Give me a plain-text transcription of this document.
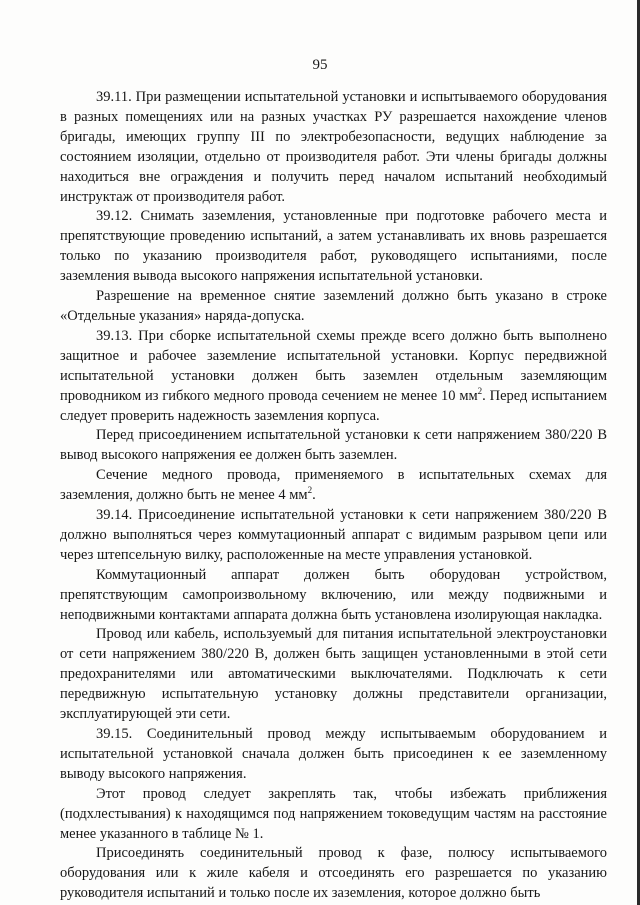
95

39.11. При размещении испытательной установки и испытываемого оборудования в разных помещениях или на разных участках РУ разрешается нахождение членов бригады, имеющих группу III по электробезопасности, ведущих наблюдение за состоянием изоляции, отдельно от производителя работ. Эти члены бригады должны находиться вне ограждения и получить перед началом испытаний необходимый инструктаж от производителя работ.

39.12. Снимать заземления, установленные при подготовке рабочего места и препятствующие проведению испытаний, а затем устанавливать их вновь разрешается только по указанию производителя работ, руководящего испытаниями, после заземления вывода высокого напряжения испытательной установки.

Разрешение на временное снятие заземлений должно быть указано в строке «Отдельные указания» наряда-допуска.

39.13. При сборке испытательной схемы прежде всего должно быть выполнено защитное и рабочее заземление испытательной установки. Корпус передвижной испытательной установки должен быть заземлен отдельным заземляющим проводником из гибкого медного провода сечением не менее 10 $мм^2$. Перед испытанием следует проверить надежность заземления корпуса.

Перед присоединением испытательной установки к сети напряжением 380/220 В вывод высокого напряжения ее должен быть заземлен.

Сечение медного провода, применяемого в испытательных схемах для заземления, должно быть не менее 4 $мм^2$.

39.14. Присоединение испытательной установки к сети напряжением 380/220 В должно выполняться через коммутационный аппарат с видимым разрывом цепи или через штепсельную вилку, расположенные на месте управления установкой.

Коммутационный аппарат должен быть оборудован устройством, препятствующим самопроизвольному включению, или между подвижными и неподвижными контактами аппарата должна быть установлена изолирующая накладка.

Провод или кабель, используемый для питания испытательной электроустановки от сети напряжением 380/220 В, должен быть защищен установленными в этой сети предохранителями или автоматическими выключателями. Подключать к сети передвижную испытательную установку должны представители организации, эксплуатирующей эти сети.

39.15. Соединительный провод между испытываемым оборудованием и испытательной установкой сначала должен быть присоединен к ее заземленному выводу высокого напряжения.

Этот провод следует закреплять так, чтобы избежать приближения (подхлестывания) к находящимся под напряжением токоведущим частям на расстояние менее указанного в таблице № 1.

Присоединять соединительный провод к фазе, полюсу испытываемого оборудования или к жиле кабеля и отсоединять его разрешается по указанию руководителя испытаний и только после их заземления, которое должно быть
